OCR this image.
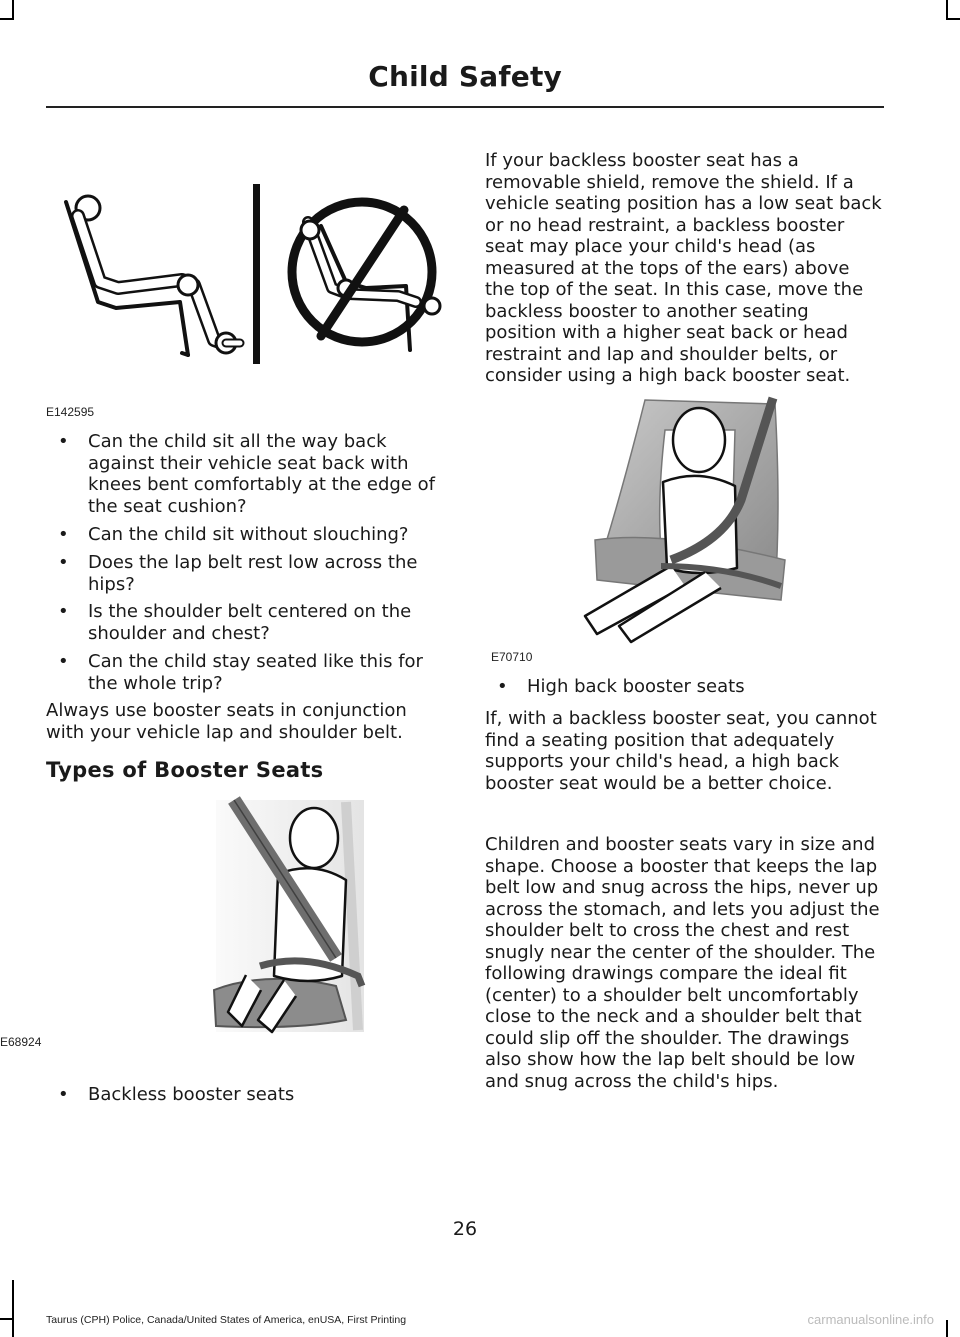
Child Safety
E142595
• Can the child sit all the way back against their vehicle seat back with knees bent comfortably at the edge of the seat cushion?
• Can the child sit without slouching?
• Does the lap belt rest low across the hips?
• Is the shoulder belt centered on the shoulder and chest?
• Can the child stay seated like this for the whole trip?

Always use booster seats in conjunction with your vehicle lap and shoulder belt.

Types of Booster Seats
E68924
• Backless booster seats

If your backless booster seat has a removable shield, remove the shield. If a vehicle seating position has a low seat back or no head restraint, a backless booster seat may place your child's head (as measured at the tops of the ears) above the top of the seat. In this case, move the backless booster to another seating position with a higher seat back or head restraint and lap and shoulder belts, or consider using a high back booster seat.

E70710
• High back booster seats

If, with a backless booster seat, you cannot find a seating position that adequately supports your child's head, a high back booster seat would be a better choice.

Children and booster seats vary in size and shape. Choose a booster that keeps the lap belt low and snug across the hips, never up across the stomach, and lets you adjust the shoulder belt to cross the chest and rest snugly near the center of the shoulder. The following drawings compare the ideal fit (center) to a shoulder belt uncomfortably close to the neck and a shoulder belt that could slip off the shoulder. The drawings also show how the lap belt should be low and snug across the child's hips.

26
Taurus (CPH) Police, Canada/United States of America, enUSA, First Printing	carmanualsonline.info
